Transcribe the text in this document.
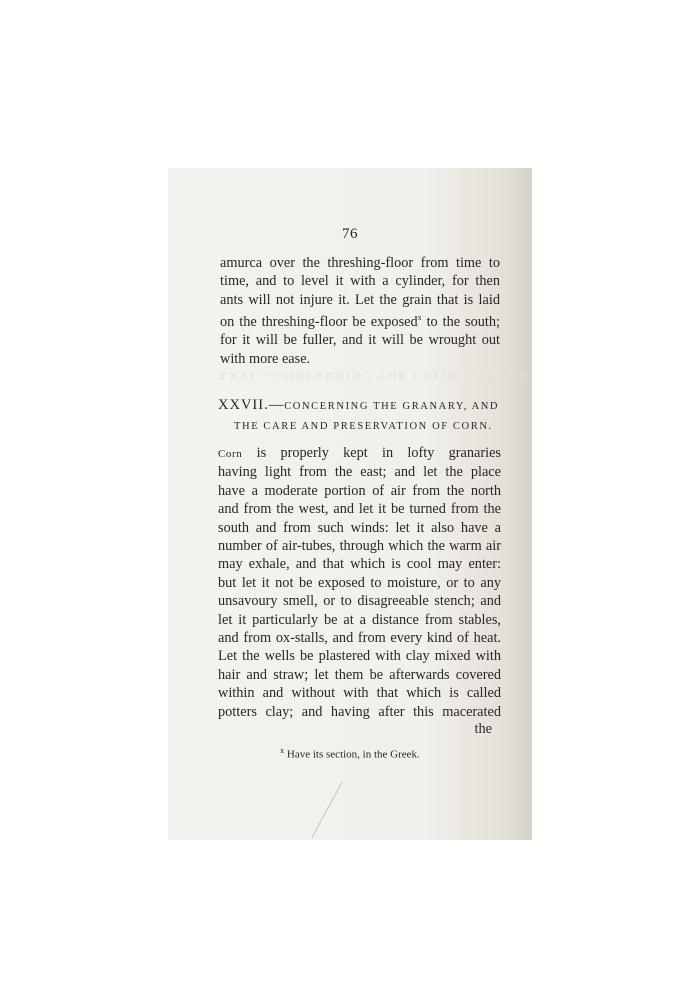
76
amurca over the threshing-floor from time to
time, and to level it with a cylinder, for then
ants will not injure it. Let the grain that is laid
on the threshing-floor be exposed$^x$ to the south;
for it will be fuller, and it will be wrought out
with more ease.
XXVI.—CONCERNING THE LAYING OF THE
XXVII.—CONCERNING THE GRANARY, AND
THE CARE AND PRESERVATION OF CORN.
Corn is properly kept in lofty granaries
having light from the east; and let the place
have a moderate portion of air from the north
and from the west, and let it be turned from the
south and from such winds: let it also have a
number of air-tubes, through which the warm air
may exhale, and that which is cool may enter:
but let it not be exposed to moisture, or to any
unsavoury smell, or to disagreeable stench; and
let it particularly be at a distance from stables,
and from ox-stalls, and from every kind of heat.
Let the wells be plastered with clay mixed with
hair and straw; let them be afterwards covered
within and without with that which is called
potters clay; and having after this macerated
the
$^x$ Have its section, in the Greek.
